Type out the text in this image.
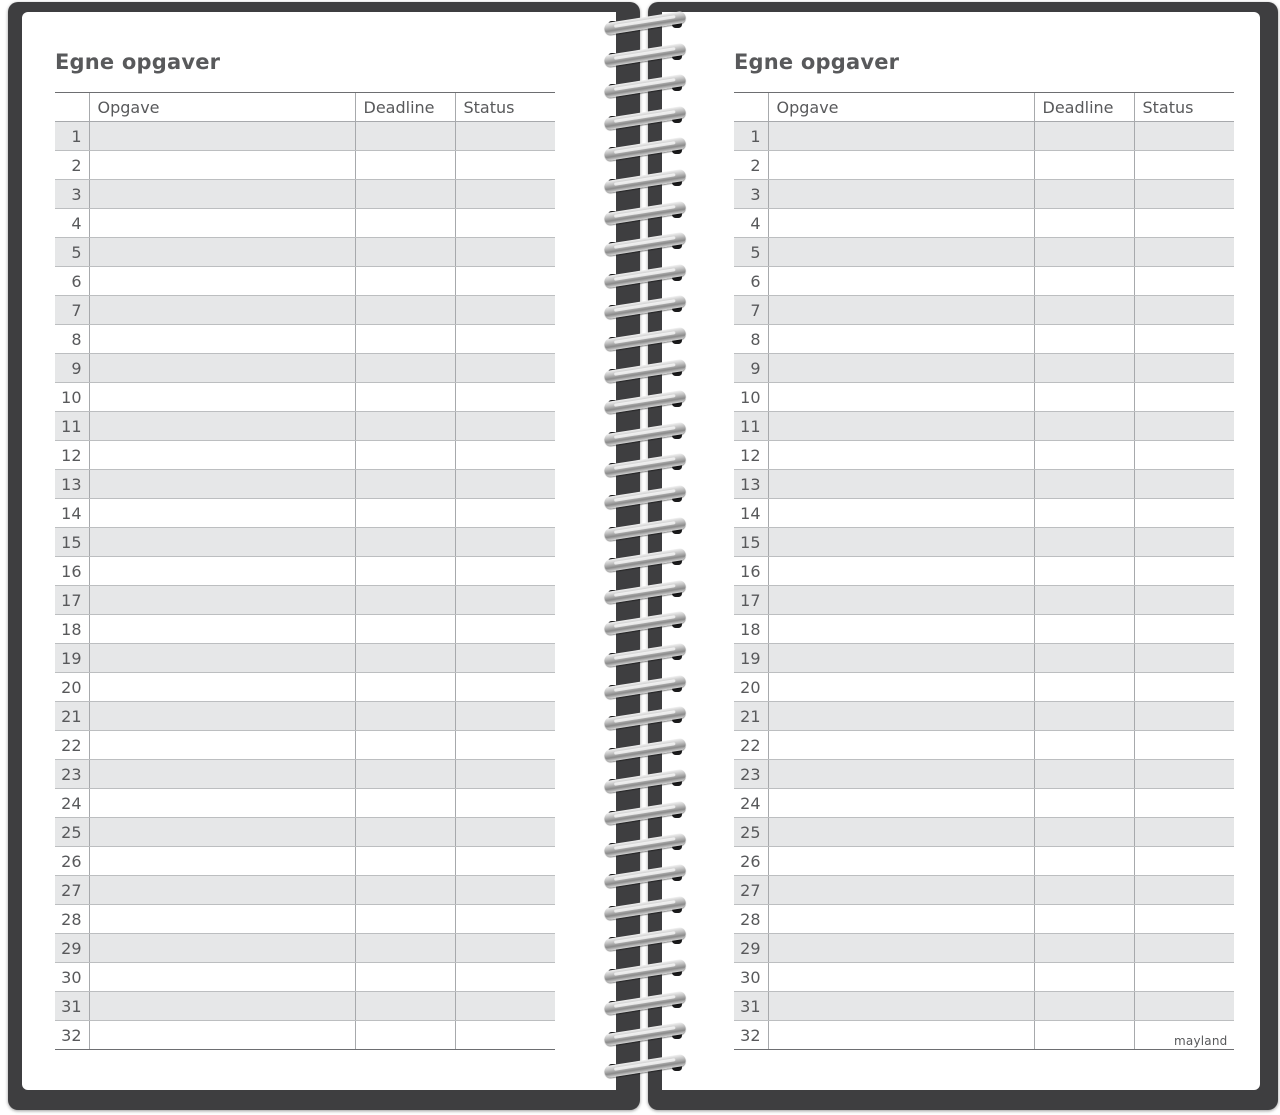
Egne opgaver
	Opgave	Deadline	Status
1			
2			
3			
4			
5			
6			
7			
8			
9			
10			
11			
12			
13			
14			
15			
16			
17			
18			
19			
20			
21			
22			
23			
24			
25			
26			
27			
28			
29			
30			
31			
32			
Egne opgaver
	Opgave	Deadline	Status
1			
2			
3			
4			
5			
6			
7			
8			
9			
10			
11			
12			
13			
14			
15			
16			
17			
18			
19			
20			
21			
22			
23			
24			
25			
26			
27			
28			
29			
30			
31			
32				mayland
